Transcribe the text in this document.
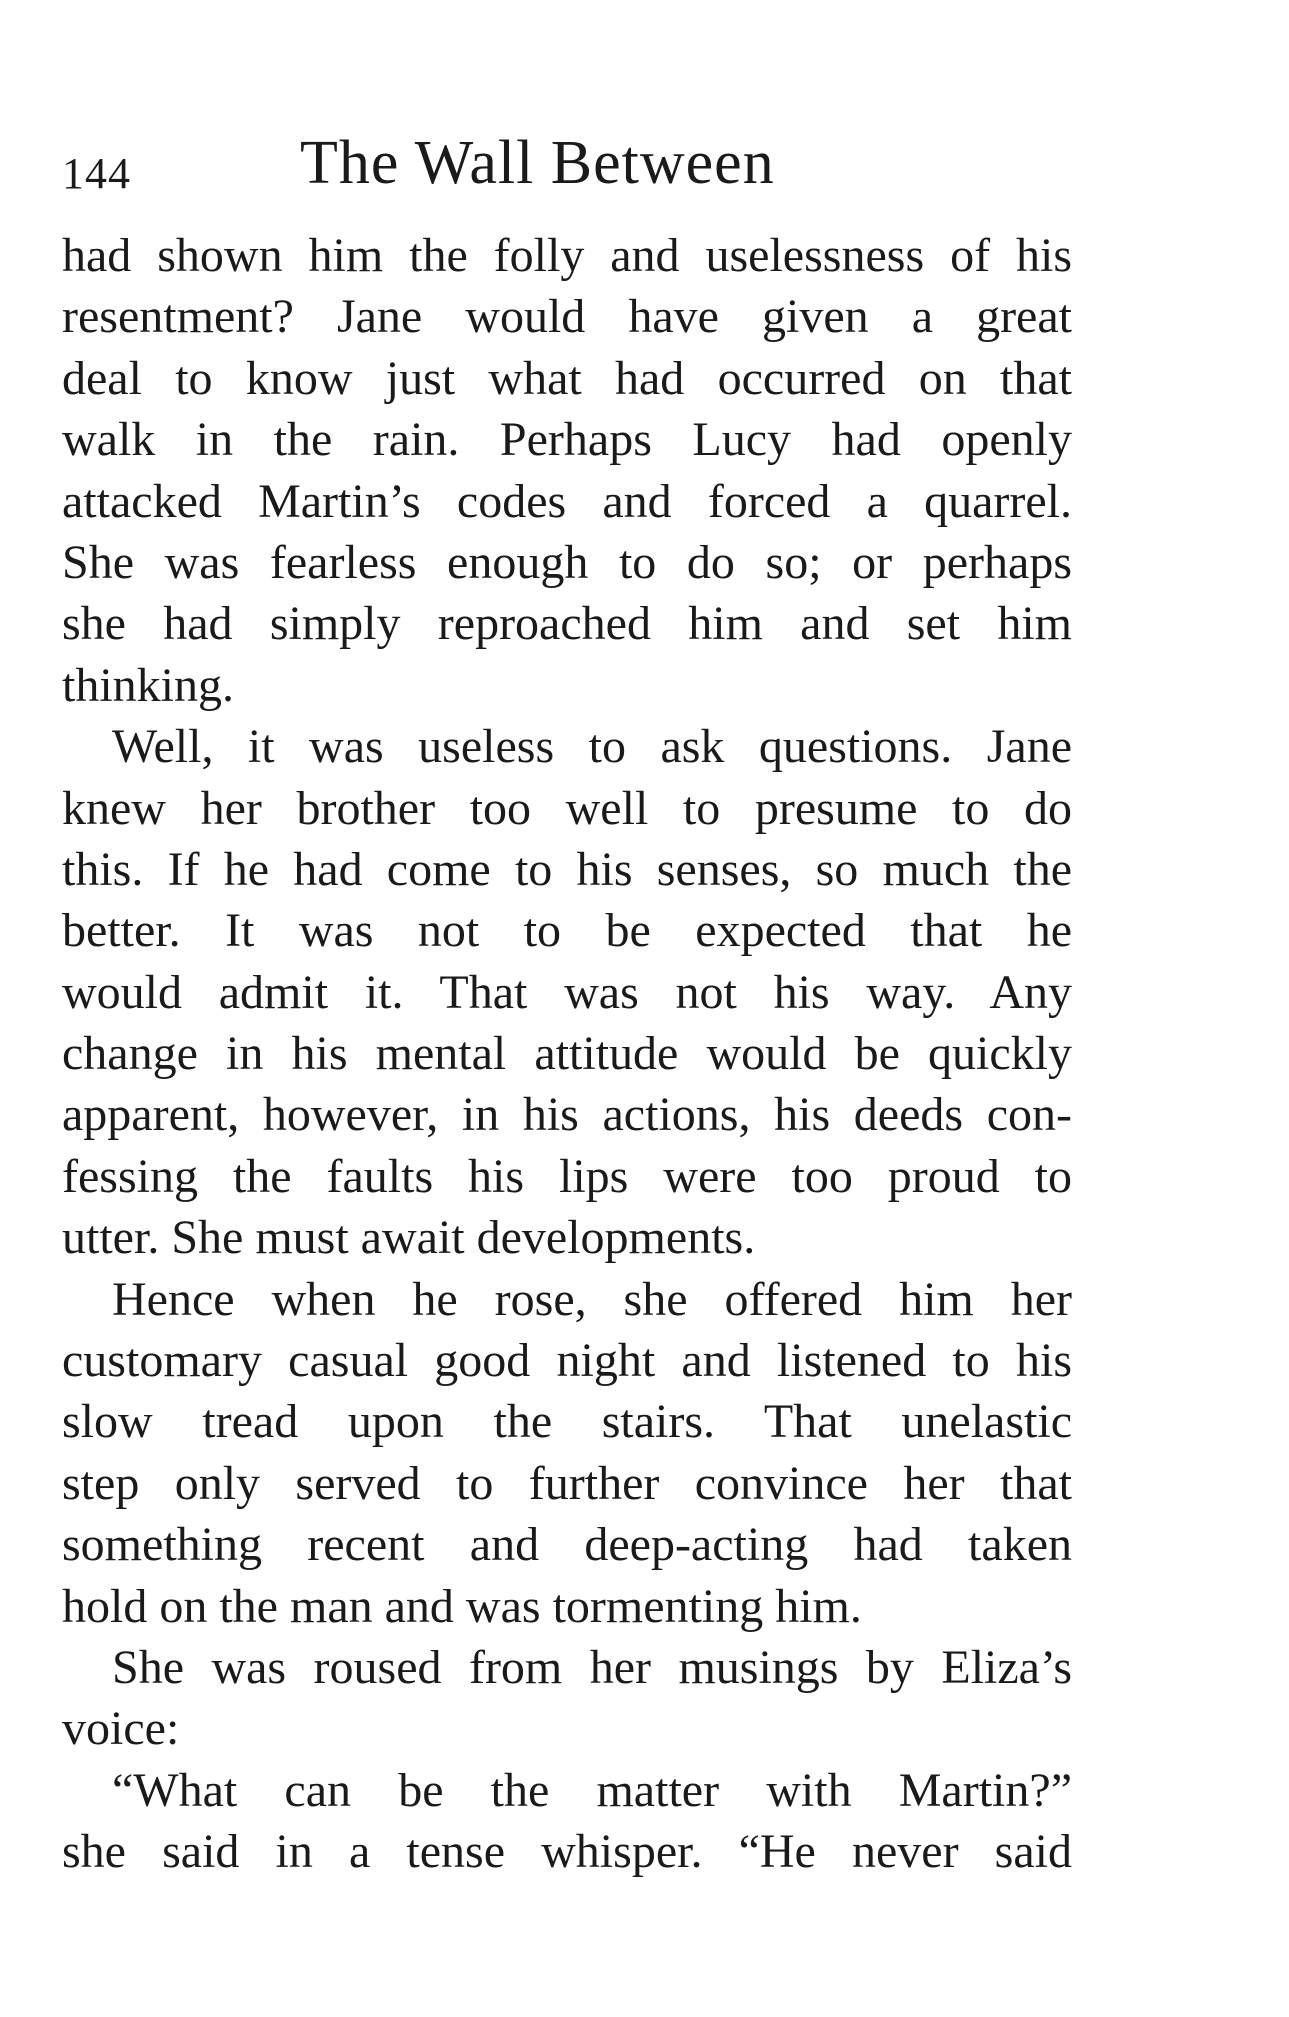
144	The Wall Between
had shown him the folly and uselessness of his
resentment? Jane would have given a great
deal to know just what had occurred on that
walk in the rain. Perhaps Lucy had openly
attacked Martin’s codes and forced a quarrel.
She was fearless enough to do so; or perhaps
she had simply reproached him and set him
thinking.
Well, it was useless to ask questions. Jane
knew her brother too well to presume to do
this. If he had come to his senses, so much the
better. It was not to be expected that he
would admit it. That was not his way. Any
change in his mental attitude would be quickly
apparent, however, in his actions, his deeds con-
fessing the faults his lips were too proud to
utter. She must await developments.
Hence when he rose, she offered him her
customary casual good night and listened to his
slow tread upon the stairs. That unelastic
step only served to further convince her that
something recent and deep-acting had taken
hold on the man and was tormenting him.
She was roused from her musings by Eliza’s
voice:
“What can be the matter with Martin?”
she said in a tense whisper. “He never said
